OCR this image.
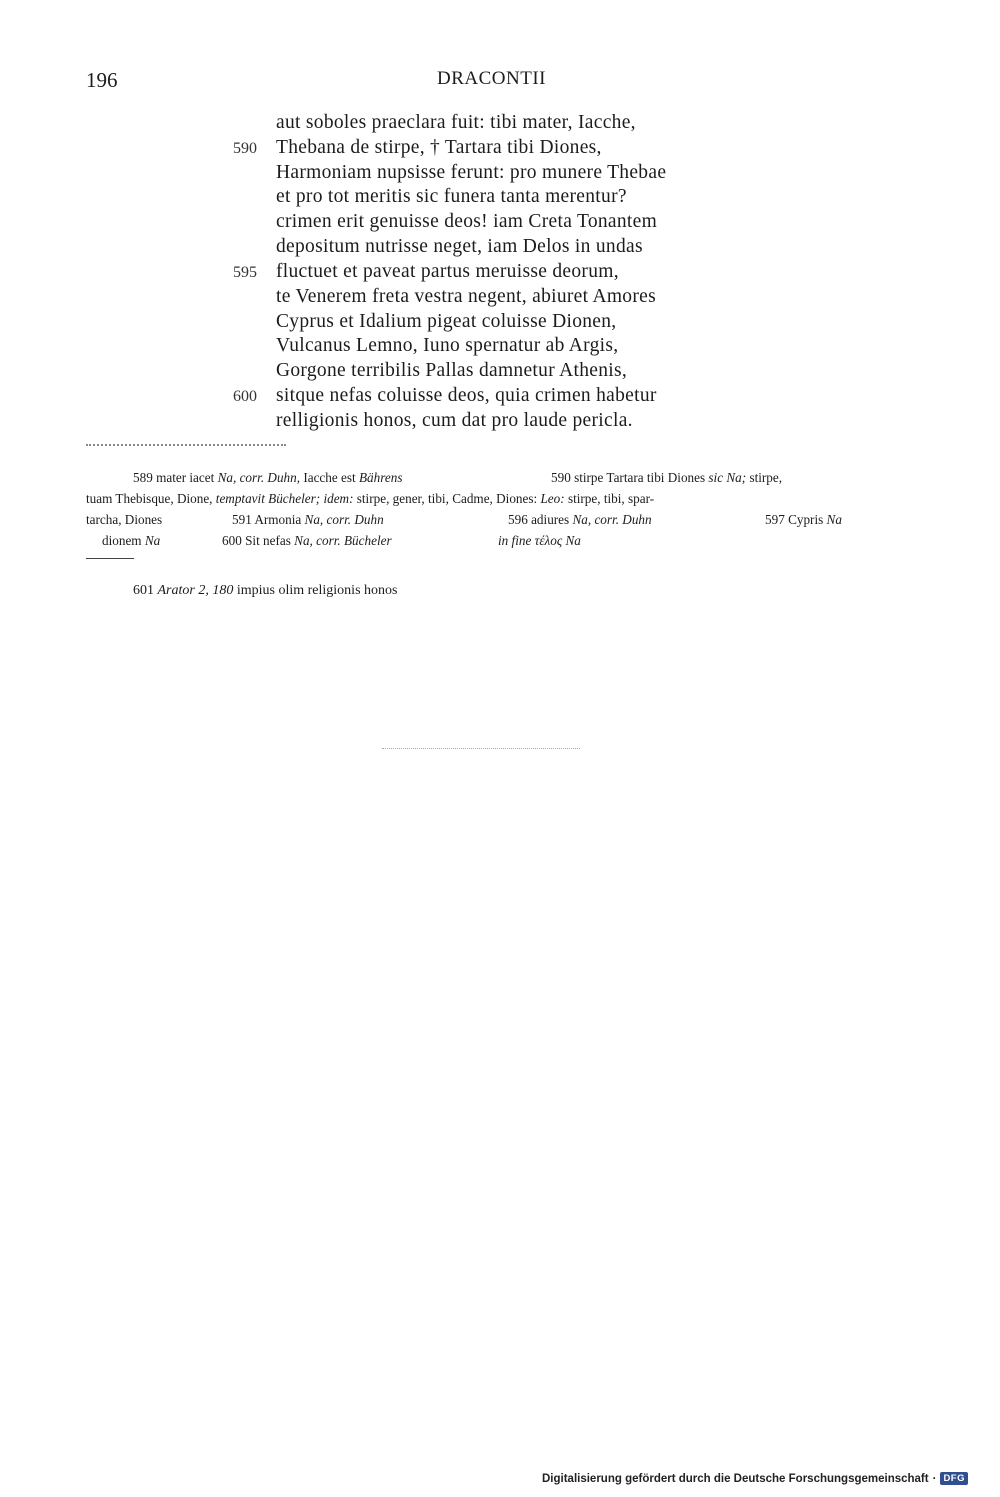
196	DRACONTII
aut soboles praeclara fuit: tibi mater, Iacche,
590 Thebana de stirpe, † Tartara tibi Diones,
Harmoniam nupsisse ferunt: pro munere Thebae
et pro tot meritis sic funera tanta merentur?
crimen erit genuisse deos! iam Creta Tonantem
depositum nutrisse neget, iam Delos in undas
595 fluctuet et paveat partus meruisse deorum,
te Venerem freta vestra negent, abiuret Amores
Cyprus et Idalium pigeat coluisse Dionen,
Vulcanus Lemno, Iuno spernatur ab Argis,
Gorgone terribilis Pallas damnetur Athenis,
600 sitque nefas coluisse deos, quia crimen habetur
relligionis honos, cum dat pro laude pericla.
589 mater iacet Na, corr. Duhn, Iacche est Bährens	590 stirpe Tartara tibi Diones sic Na; stirpe,
tuam Thebisque, Dione, temptavit Bücheler; idem: stirpe, gener, tibi, Cadme, Diones: Leo: stirpe, tibi, spar-
tarcha, Diones	591 Armonia Na, corr. Duhn	596 adiures Na, corr. Duhn	597 Cypris Na
dionem Na	600 Sit nefas Na, corr. Bücheler	in fine τέλος Na
601 Arator 2, 180 impius olim religionis honos
Digitalisierung gefördert durch die Deutsche Forschungsgemeinschaft · DFG
